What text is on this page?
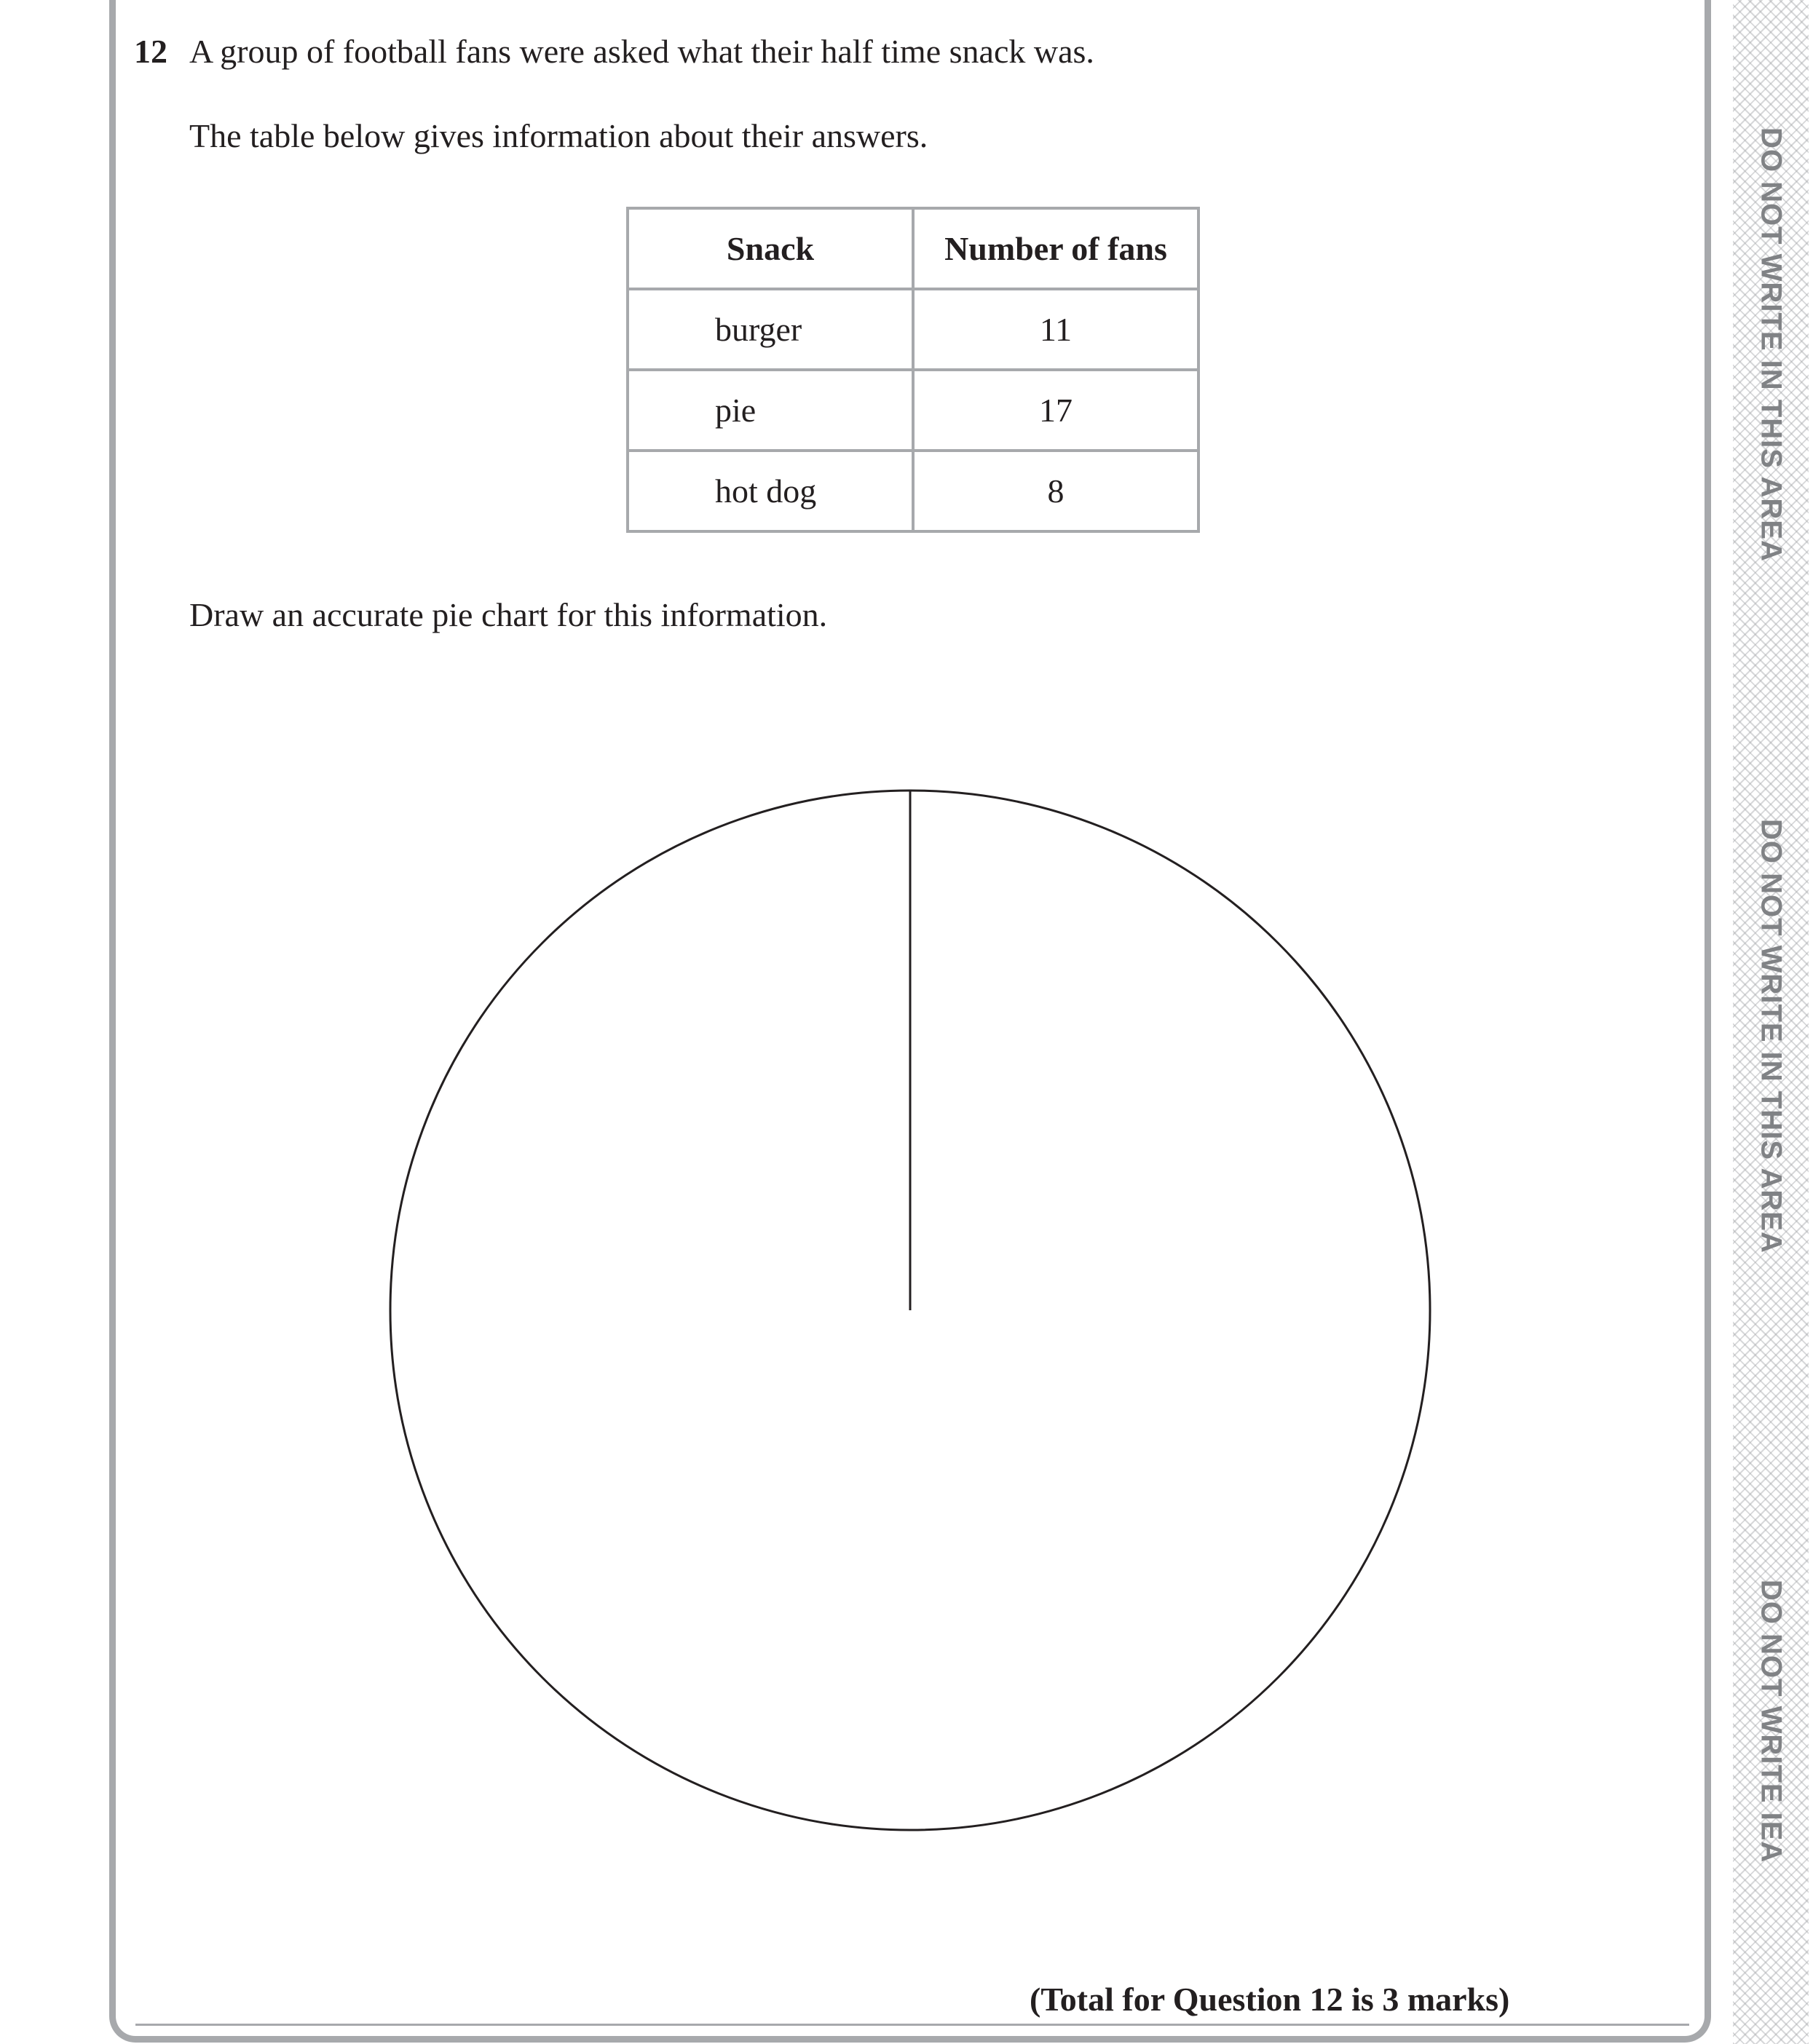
12 A group of football fans were asked what their half time snack was.
The table below gives information about their answers.
Snack	Number of fans
burger	11
pie	17
hot dog	8
Draw an accurate pie chart for this information.
(Total for Question 12 is 3 marks)
DO NOT WRITE IN THIS AREA
DO NOT WRITE IN THIS AREA
DO NOT WRITE IEA
